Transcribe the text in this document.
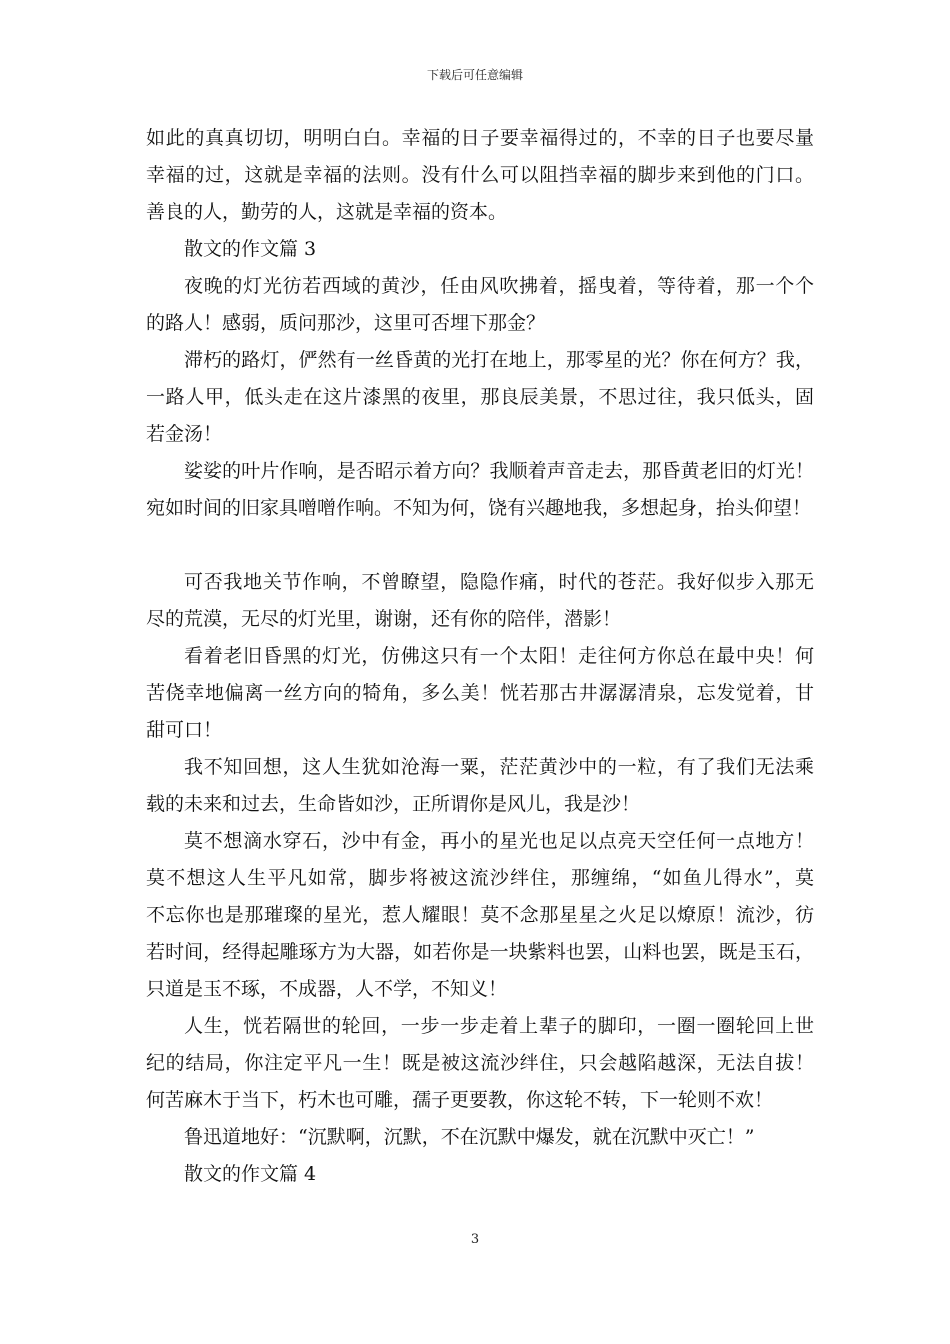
下载后可任意编辑
如此的真真切切，明明白白。幸福的日子要幸福得过的，不幸的日子也要尽量
幸福的过，这就是幸福的法则。没有什么可以阻挡幸福的脚步来到他的门口。
善良的人，勤劳的人，这就是幸福的资本。
散文的作文篇 3
夜晚的灯光彷若西域的黄沙，任由风吹拂着，摇曳着，等待着，那一个个
的路人！感弱，质问那沙，这里可否埋下那金？
滞朽的路灯，俨然有一丝昏黄的光打在地上，那零星的光？你在何方？我，
一路人甲，低头走在这片漆黑的夜里，那良辰美景，不思过往，我只低头，固
若金汤！
娑娑的叶片作响，是否昭示着方向？我顺着声音走去，那昏黄老旧的灯光！
宛如时间的旧家具噌噌作响。不知为何，饶有兴趣地我，多想起身，抬头仰望！
可否我地关节作响，不曾瞭望，隐隐作痛，时代的苍茫。我好似步入那无
尽的荒漠，无尽的灯光里，谢谢，还有你的陪伴，潜影！
看着老旧昏黑的灯光，仿佛这只有一个太阳！走往何方你总在最中央！何
苦侥幸地偏离一丝方向的犄角，多么美！恍若那古井潺潺清泉，忘发觉着，甘
甜可口！
我不知回想，这人生犹如沧海一粟，茫茫黄沙中的一粒，有了我们无法乘
载的未来和过去，生命皆如沙，正所谓你是风儿，我是沙！
莫不想滴水穿石，沙中有金，再小的星光也足以点亮天空任何一点地方！
莫不想这人生平凡如常，脚步将被这流沙绊住，那缠绵，“如鱼儿得水”，莫
不忘你也是那璀璨的星光，惹人耀眼！莫不念那星星之火足以燎原！流沙，彷
若时间，经得起雕琢方为大器，如若你是一块紫料也罢，山料也罢，既是玉石，
只道是玉不琢，不成器，人不学，不知义！
人生，恍若隔世的轮回，一步一步走着上辈子的脚印，一圈一圈轮回上世
纪的结局，你注定平凡一生！既是被这流沙绊住，只会越陷越深，无法自拔！
何苦麻木于当下，朽木也可雕，孺子更要教，你这轮不转，下一轮则不欢！
鲁迅道地好：“沉默啊，沉默，不在沉默中爆发，就在沉默中灭亡！”
散文的作文篇 4
3
